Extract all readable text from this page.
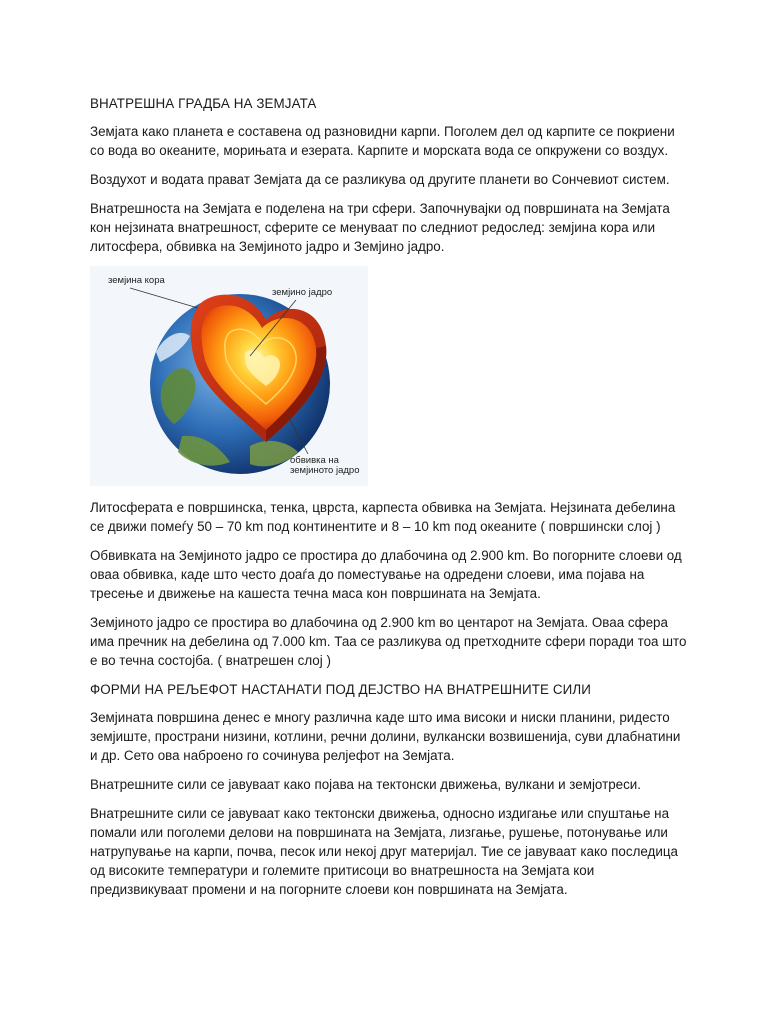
ВНАТРЕШНА ГРАДБА НА ЗЕМЈАТА

Земјата како планета е составена од разновидни карпи. Поголем дел од карпите се покриени со вода во океаните, морињата и езерата. Карпите и морската вода се опкружени со воздух.

Воздухот и водата прават Земјата да се разликува од другите планети во Сончевиот систем.

Внатрешноста на Земјата е поделена на три сфери. Започнувајки од површината на Земјата кон нејзината внатрешност, сферите се менуваат по следниот редослед: земјина кора или литосфера, обвивка на Земјиното јадро и Земјино јадро.

земјина кора
земјино јадро
обвивка на
земјиното јадро

Литосферата е површинска, тенка, цврста, карпеста обвивка на Земјата. Нејзината дебелина се движи помеѓу 50 – 70 km под континентите и 8 – 10 km под океаните ( површински слој )

Обвивката на Земјиното јадро се простира до длабочина од 2.900 km. Во погорните слоеви од оваа обвивка, каде што често доаѓа до поместување на одредени слоеви, има појава на тресење и движење на кашеста течна маса кон површината на Земјата.

Земјиното јадро се простира во длабочина од 2.900 km во центарот на Земјата. Оваа сфера има пречник на дебелина од 7.000 km. Таа се разликува од претходните сфери поради тоа што е во течна состојба. ( внатрешен слој )

ФОРМИ НА РЕЉЕФОТ НАСТАНАТИ ПОД ДЕЈСТВО НА ВНАТРЕШНИТЕ СИЛИ

Земјината површина денес е многу различна каде што има високи и ниски планини, ридесто земјиште, пространи низини, котлини, речни долини, вулкански возвишенија, суви длабнатини и др. Сето ова наброено го сочинува релјефот на Земјата.

Внатрешните сили се јавуваат како појава на тектонски движења, вулкани и земјотреси.

Внатрешните сили се јавуваат како тектонски движења, односно издигање или спуштање на помали или поголеми делови на површината на Земјата, лизгање, рушење, потонување или натрупување на карпи, почва, песок или некој друг материјал. Тие се јавуваат како последица од високите температури и големите притисоци во внатрешноста на Земјата кои предизвикуваат промени и на погорните слоеви кон површината на Земјата.
